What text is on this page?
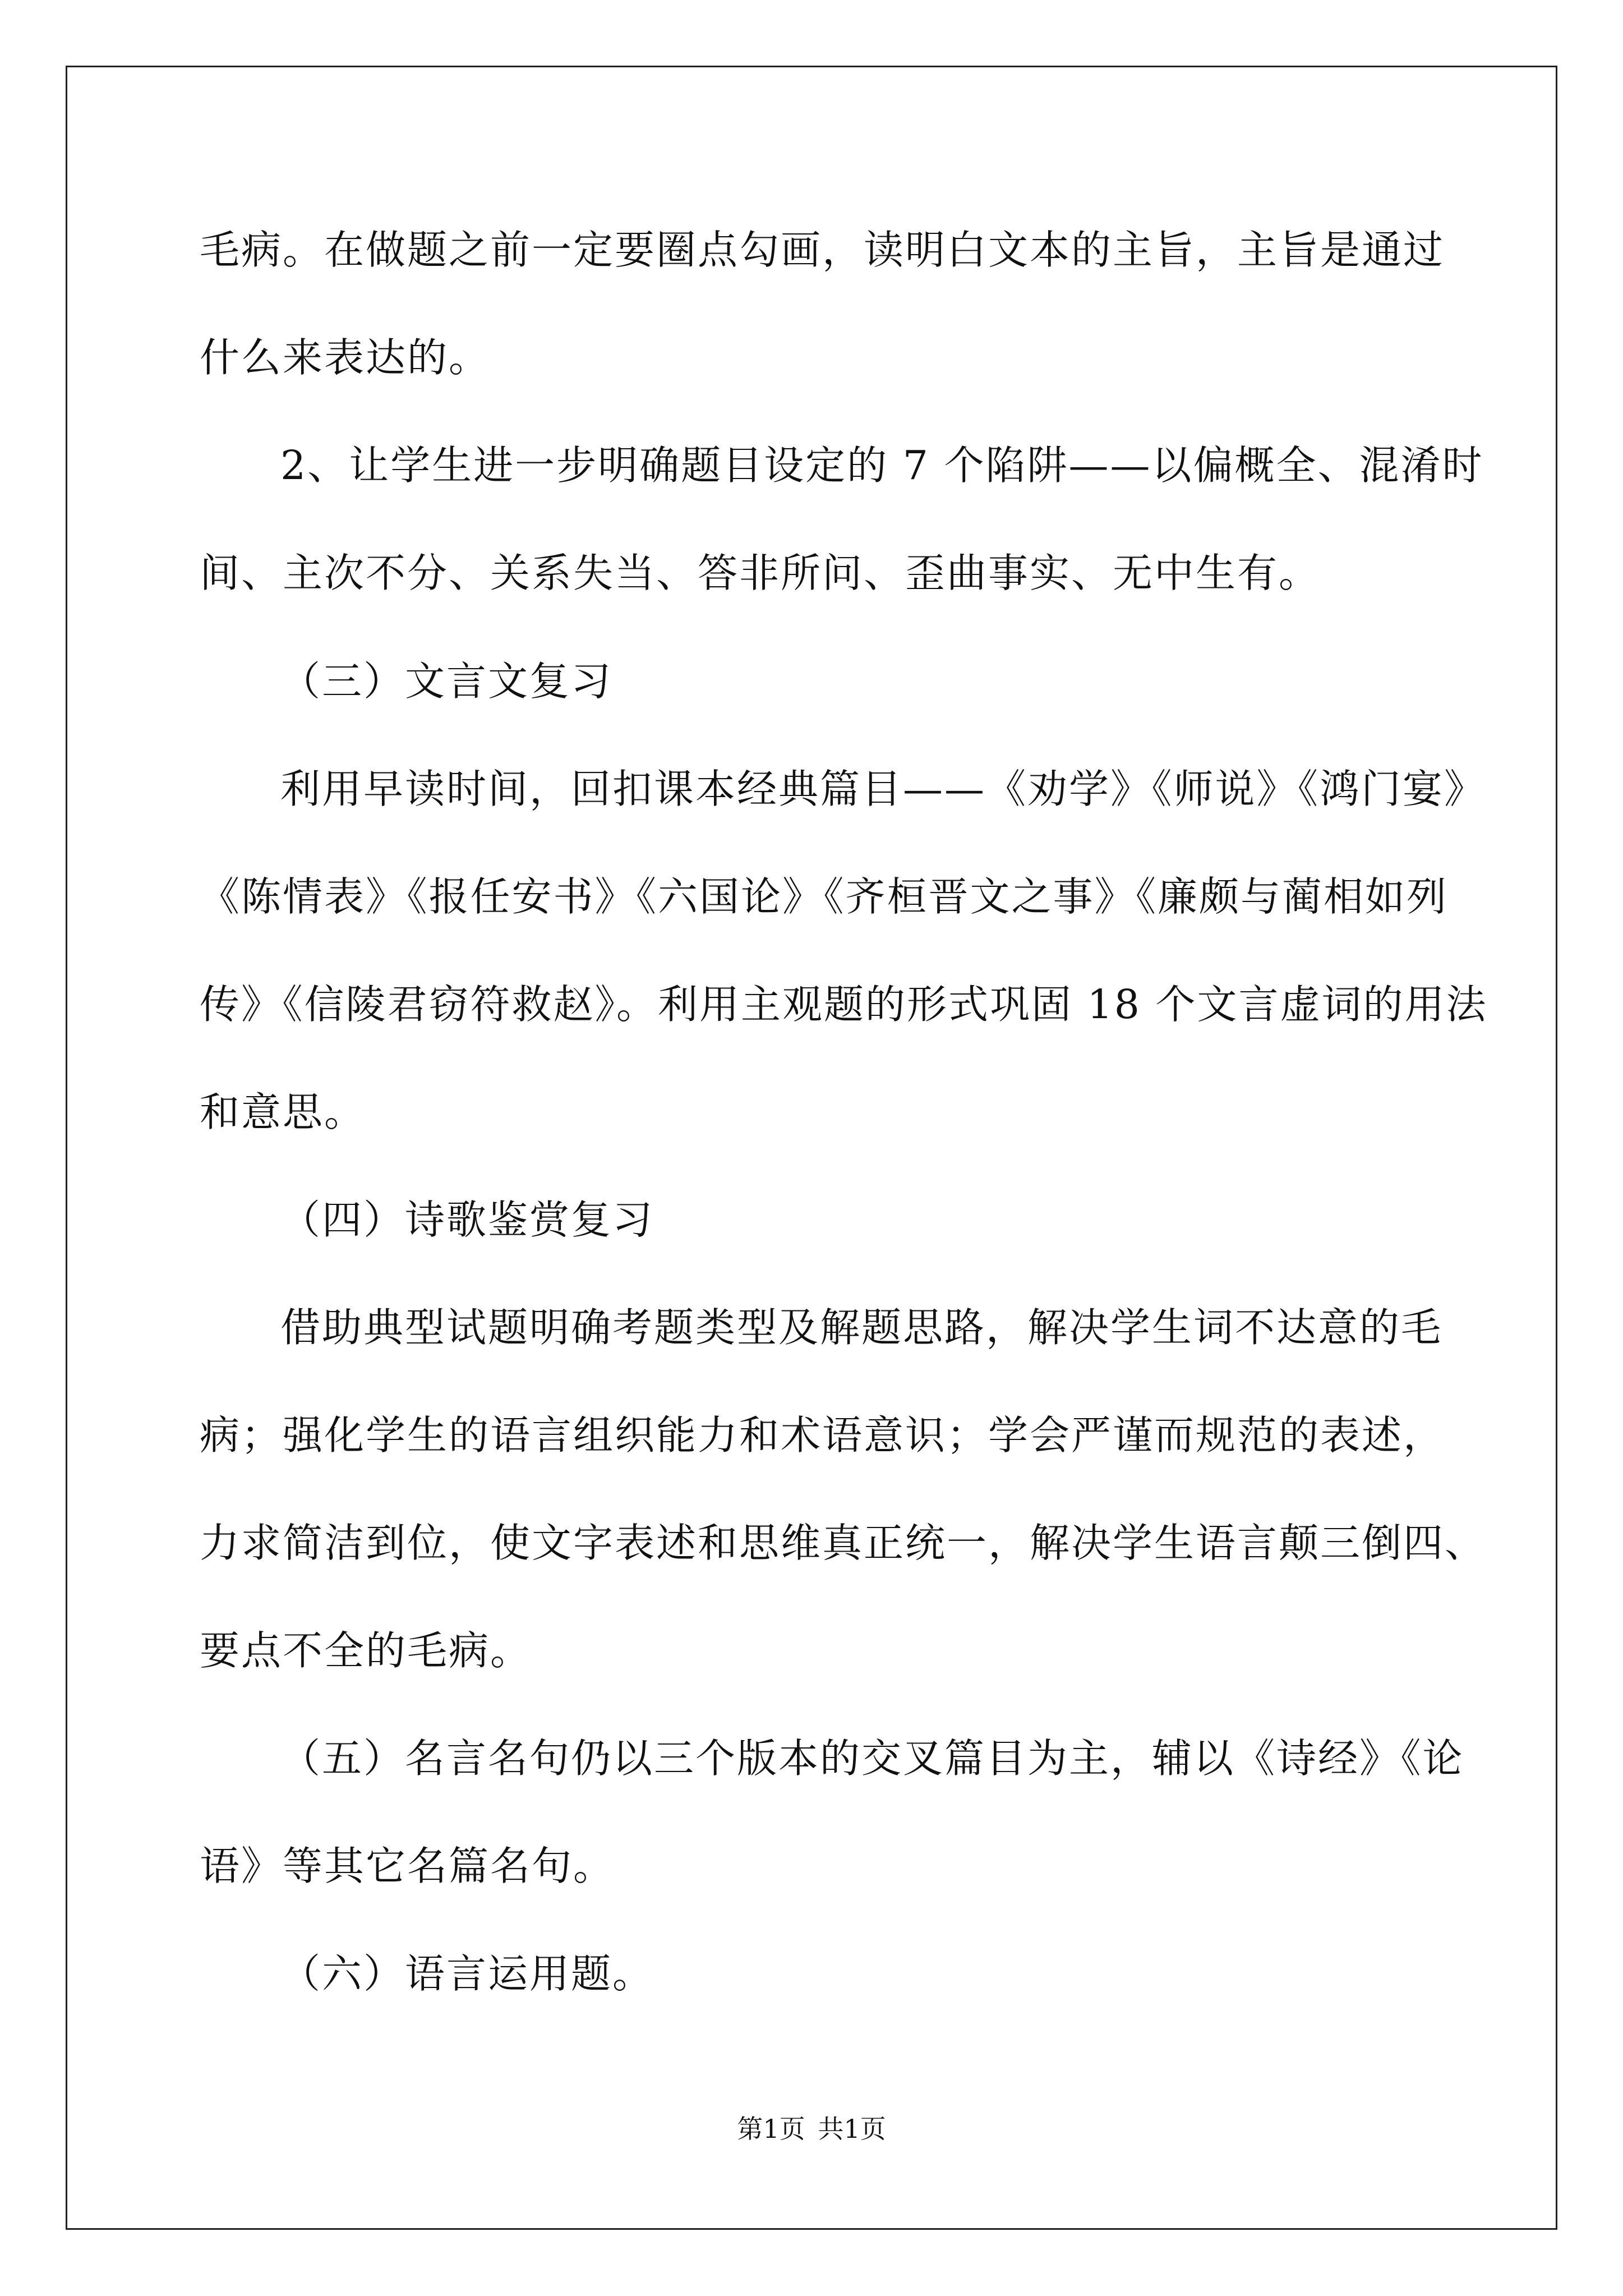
毛病。在做题之前一定要圈点勾画，读明白文本的主旨，主旨是通过
什么来表达的。
2、让学生进一步明确题目设定的 7 个陷阱——以偏概全、混淆时
间、主次不分、关系失当、答非所问、歪曲事实、无中生有。
（三）文言文复习
利用早读时间，回扣课本经典篇目——《劝学》《师说》《鸿门宴》
《陈情表》《报任安书》《六国论》《齐桓晋文之事》《廉颇与蔺相如列
传》《信陵君窃符救赵》。利用主观题的形式巩固 18 个文言虚词的用法
和意思。
（四）诗歌鉴赏复习
借助典型试题明确考题类型及解题思路，解决学生词不达意的毛
病；强化学生的语言组织能力和术语意识；学会严谨而规范的表述，
力求简洁到位，使文字表述和思维真正统一，解决学生语言颠三倒四、
要点不全的毛病。
（五）名言名句仍以三个版本的交叉篇目为主，辅以《诗经》《论
语》等其它名篇名句。
（六）语言运用题。
第1页 共1页
